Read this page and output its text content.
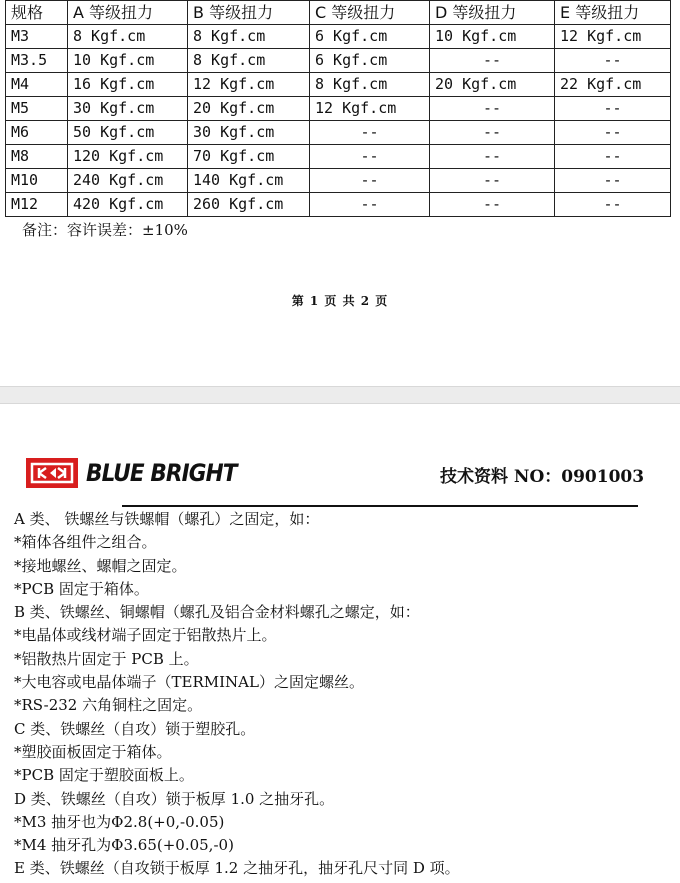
规格	A 等级扭力	B 等级扭力	C 等级扭力	D 等级扭力	E 等级扭力
M3	8 Kgf.cm	8 Kgf.cm	6 Kgf.cm	10 Kgf.cm	12 Kgf.cm
M3.5	10 Kgf.cm	8 Kgf.cm	6 Kgf.cm	--	--
M4	16 Kgf.cm	12 Kgf.cm	8 Kgf.cm	20 Kgf.cm	22 Kgf.cm
M5	30 Kgf.cm	20 Kgf.cm	12 Kgf.cm	--	--
M6	50 Kgf.cm	30 Kgf.cm	--	--	--
M8	120 Kgf.cm	70 Kgf.cm	--	--	--
M10	240 Kgf.cm	140 Kgf.cm	--	--	--
M12	420 Kgf.cm	260 Kgf.cm	--	--	--
备注：容许误差：±10%
第 1 页 共 2 页
BLUE BRIGHT	技术资料 NO：0901003
A 类、 铁螺丝与铁螺帽（螺孔）之固定，如：
*箱体各组件之组合。
*接地螺丝、螺帽之固定。
*PCB 固定于箱体。
B 类、铁螺丝、铜螺帽（螺孔及铝合金材料螺孔之螺定，如：
*电晶体或线材端子固定于铝散热片上。
*铝散热片固定于 PCB 上。
*大电容或电晶体端子（TERMINAL）之固定螺丝。
*RS-232 六角铜柱之固定。
C 类、铁螺丝（自攻）锁于塑胶孔。
*塑胶面板固定于箱体。
*PCB 固定于塑胶面板上。
D 类、铁螺丝（自攻）锁于板厚 1.0 之抽牙孔。
*M3 抽牙也为Φ2.8(+0,-0.05)
*M4 抽牙孔为Φ3.65(+0.05,-0)
E 类、铁螺丝（自攻锁于板厚 1.2 之抽牙孔，抽牙孔尺寸同 D 项。
